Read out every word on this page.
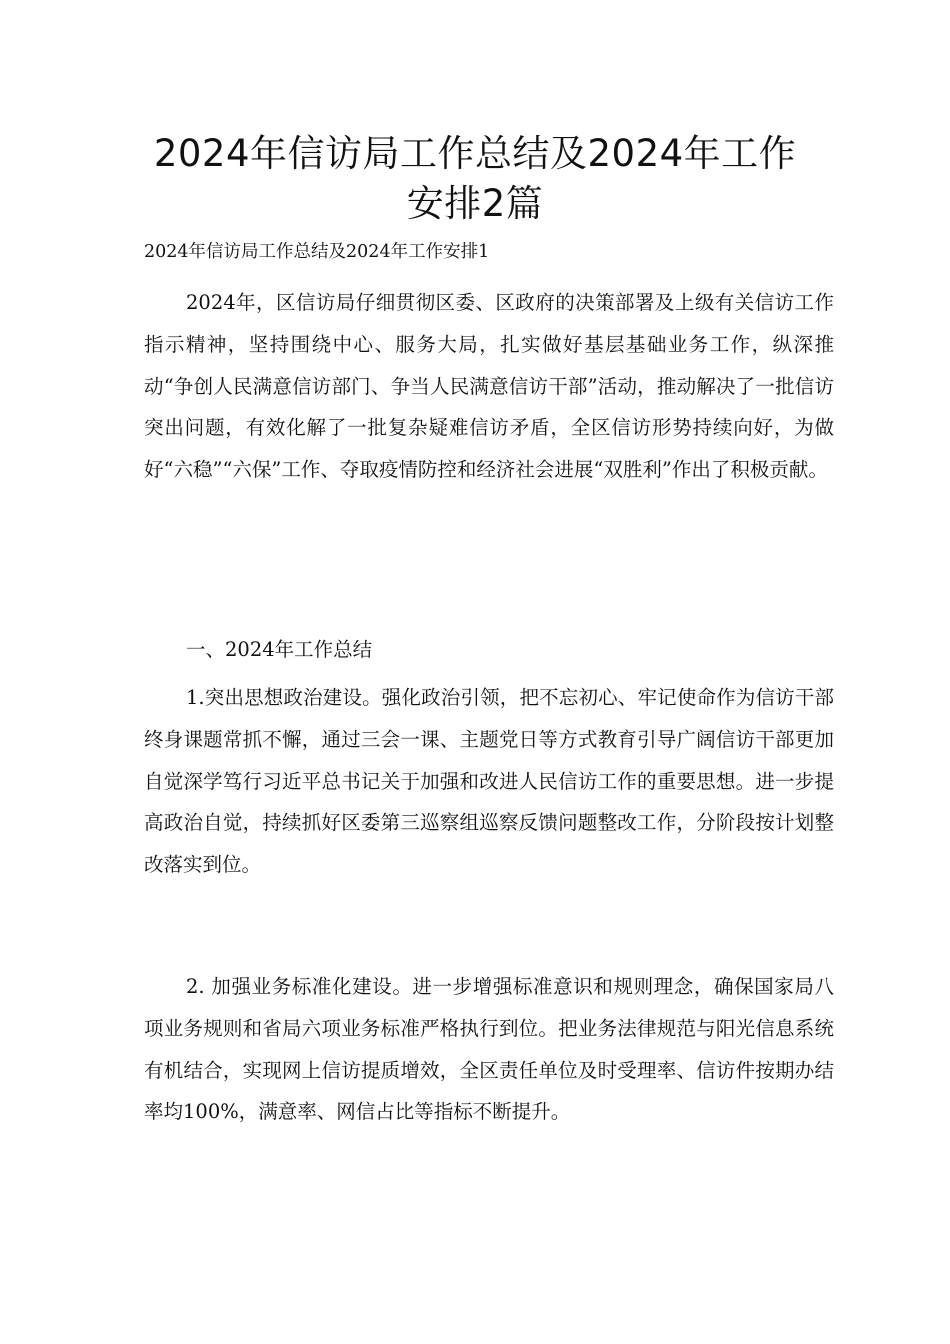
2024年信访局工作总结及2024年工作
安排2篇
2024年信访局工作总结及2024年工作安排1

2024年，区信访局仔细贯彻区委、区政府的决策部署及上级有关信访工作指示精神，坚持围绕中心、服务大局，扎实做好基层基础业务工作，纵深推动“争创人民满意信访部门、争当人民满意信访干部”活动，推动解决了一批信访突出问题，有效化解了一批复杂疑难信访矛盾，全区信访形势持续向好，为做好“六稳”“六保”工作、夺取疫情防控和经济社会进展“双胜利”作出了积极贡献。

一、2024年工作总结

1.突出思想政治建设。强化政治引领，把不忘初心、牢记使命作为信访干部终身课题常抓不懈，通过三会一课、主题党日等方式教育引导广阔信访干部更加自觉深学笃行习近平总书记关于加强和改进人民信访工作的重要思想。进一步提高政治自觉，持续抓好区委第三巡察组巡察反馈问题整改工作，分阶段按计划整改落实到位。

2. 加强业务标准化建设。进一步增强标准意识和规则理念，确保国家局八项业务规则和省局六项业务标准严格执行到位。把业务法律规范与阳光信息系统有机结合，实现网上信访提质增效，全区责任单位及时受理率、信访件按期办结率均100%，满意率、网信占比等指标不断提升。
